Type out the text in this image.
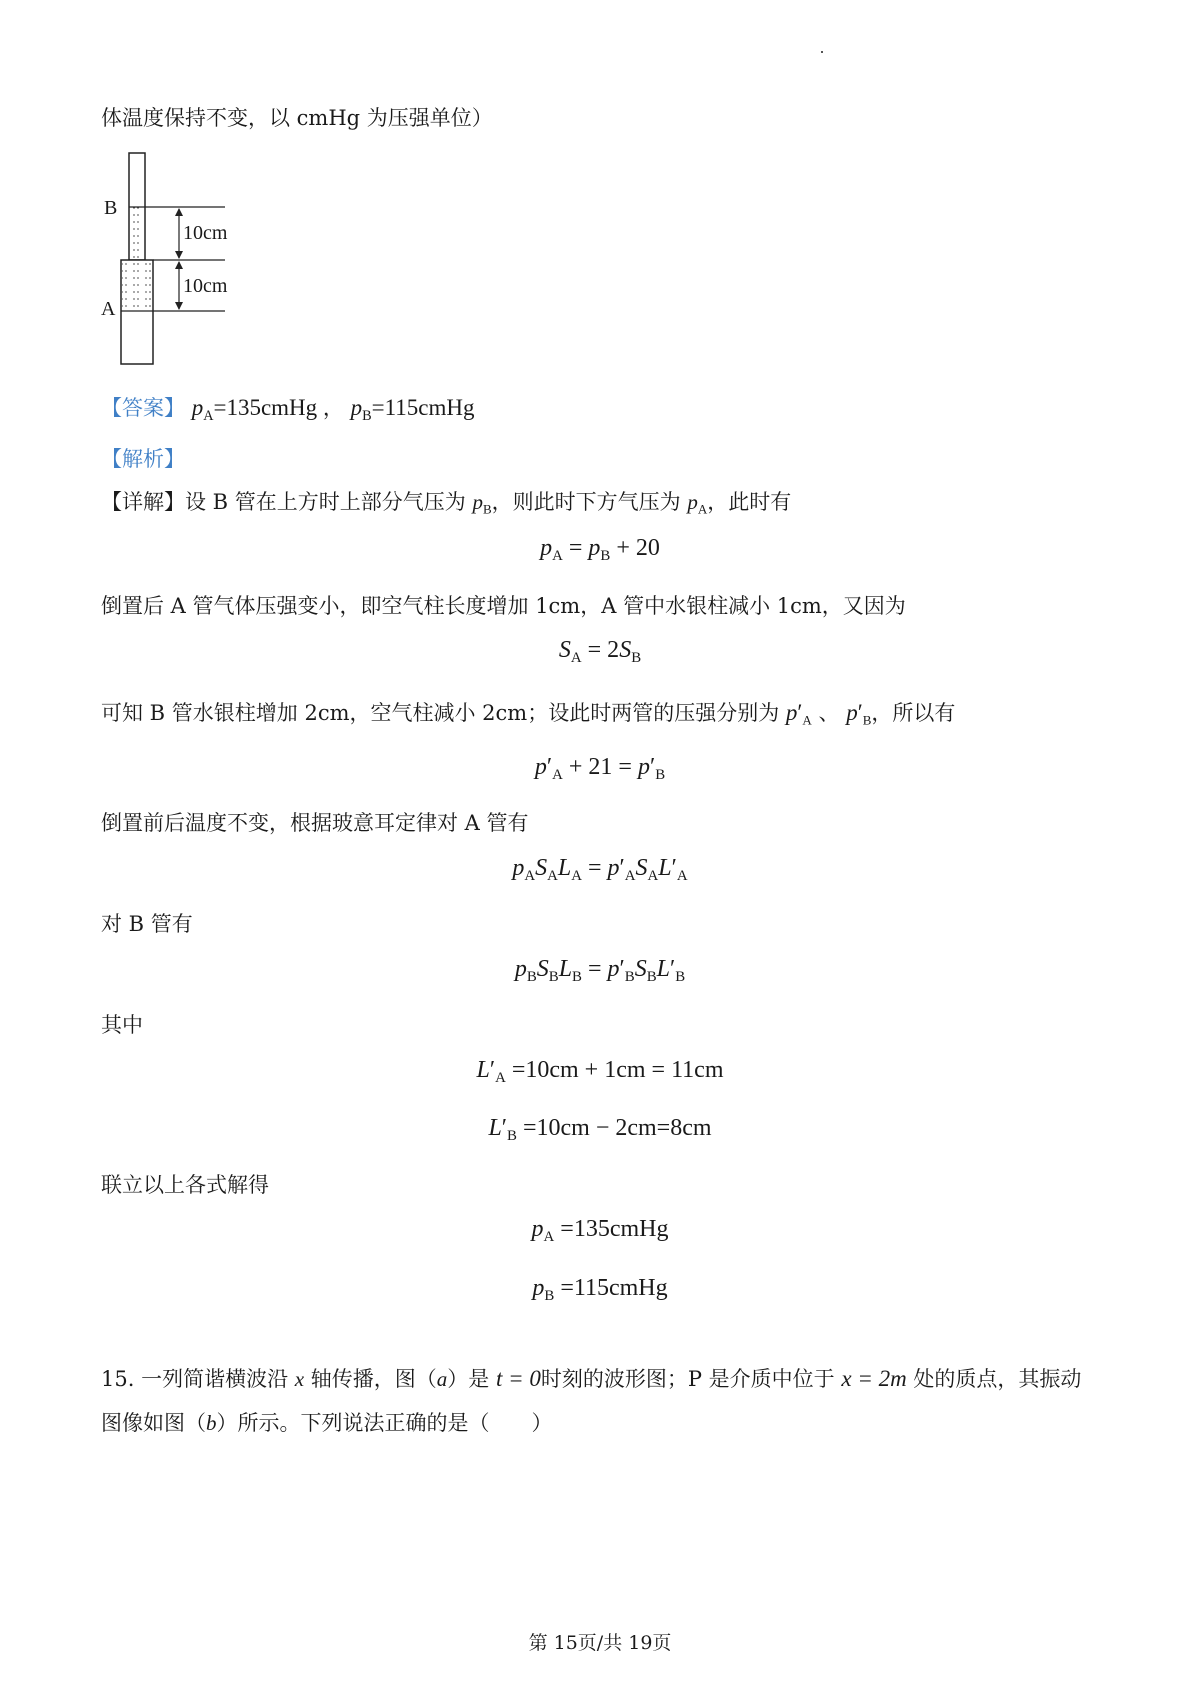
体温度保持不变，以 cmHg 为压强单位）
B
A
10cm
10cm
【答案】 $p_A=135cmHg$ ， $p_B=115cmHg$
【解析】
【详解】设 B 管在上方时上部分气压为 $p_B$，则此时下方气压为 $p_A$，此时有
$p_A = p_B + 20$
倒置后 A 管气体压强变小，即空气柱长度增加 1cm，A 管中水银柱减小 1cm，又因为
$S_A = 2S_B$
可知 B 管水银柱增加 2cm，空气柱减小 2cm；设此时两管的压强分别为 $p'_A$ 、 $p'_B$，所以有
$p'_A + 21 = p'_B$
倒置前后温度不变，根据玻意耳定律对 A 管有
$p_AS_AL_A = p'_AS_AL'_A$
对 B 管有
$p_BS_BL_B = p'_BS_BL'_B$
其中
$L'_A =10cm + 1cm = 11cm$
$L'_B =10cm - 2cm=8cm$
联立以上各式解得
$p_A$ =135cmHg
$p_B$ =115cmHg
15. 一列简谐横波沿 x 轴传播，图（a）是 t = 0时刻的波形图；P 是介质中位于 x = 2m 处的质点，其振动
图像如图（b）所示。下列说法正确的是（　　）
第 15页/共 19页
